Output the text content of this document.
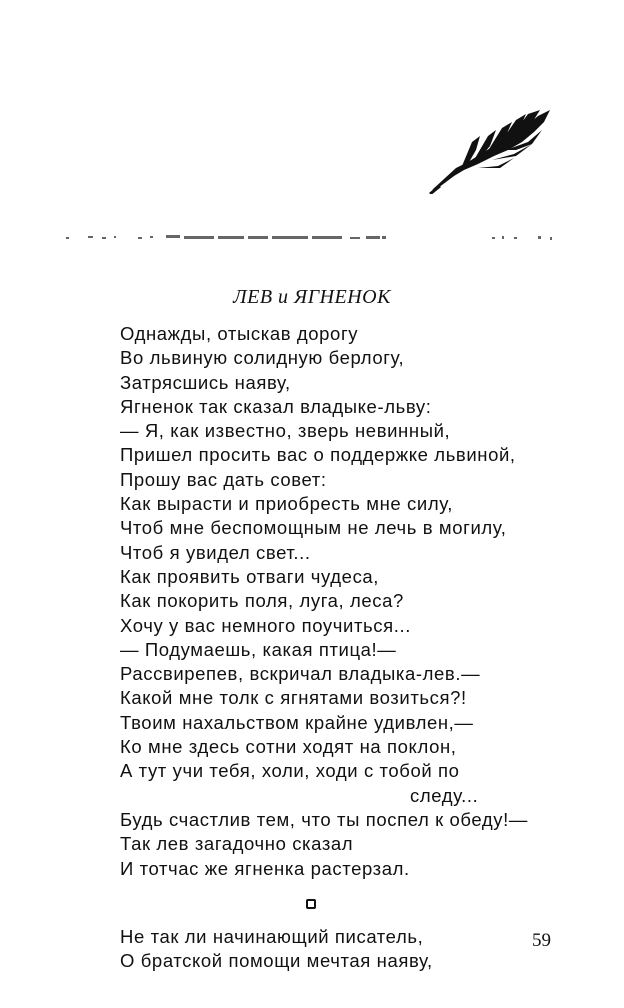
ЛЕВ и ЯГНЕНОК
Однажды, отыскав дорогу
Во львиную солидную берлогу,
Затрясшись наяву,
Ягненок так сказал владыке-льву:
— Я, как известно, зверь невинный,
Пришел просить вас о поддержке львиной,
Прошу вас дать совет:
Как вырасти и приобресть мне силу,
Чтоб мне беспомощным не лечь в могилу,
Чтоб я увидел свет...
Как проявить отваги чудеса,
Как покорить поля, луга, леса?
Хочу у вас немного поучиться...
— Подумаешь, какая птица!—
Рассвирепев, вскричал владыка-лев.—
Какой мне толк с ягнятами возиться?!
Твоим нахальством крайне удивлен,—
Ко мне здесь сотни ходят на поклон,
А тут учи тебя, холи, ходи с тобой по
следу...
Будь счастлив тем, что ты поспел к обеду!—
Так лев загадочно сказал
И тотчас же ягненка растерзал.
Не так ли начинающий писатель,
О братской помощи мечтая наяву,
59
